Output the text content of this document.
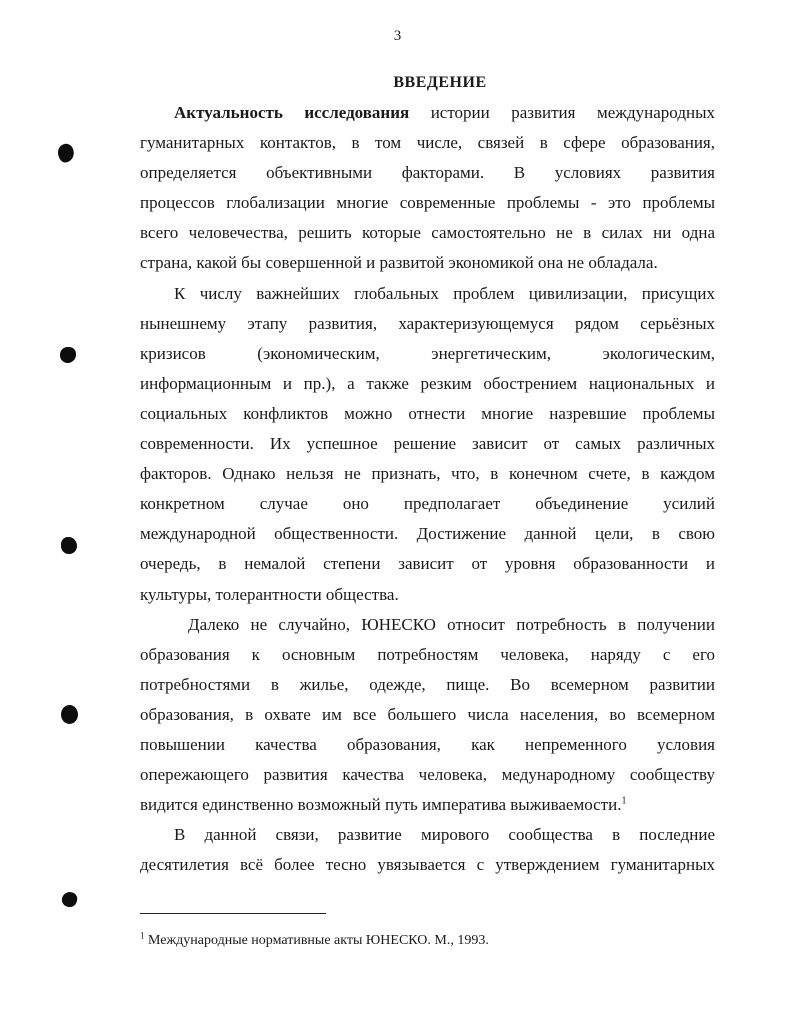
3
ВВЕДЕНИЕ
Актуальность исследования истории развития международных
гуманитарных контактов, в том числе, связей в сфере образования,
определяется объективными факторами. В условиях развития
процессов глобализации многие современные проблемы - это проблемы
всего человечества, решить которые самостоятельно не в силах ни одна
страна, какой бы совершенной и развитой экономикой она не обладала.
К числу важнейших глобальных проблем цивилизации, присущих
нынешнему этапу развития, характеризующемуся рядом серьёзных
кризисов (экономическим, энергетическим, экологическим,
информационным и пр.), а также резким обострением национальных и
социальных конфликтов можно отнести многие назревшие проблемы
современности. Их успешное решение зависит от самых различных
факторов. Однако нельзя не признать, что, в конечном счете, в каждом
конкретном случае оно предполагает объединение усилий
международной общественности. Достижение данной цели, в свою
очередь, в немалой степени зависит от уровня образованности и
культуры, толерантности общества.
Далеко не случайно, ЮНЕСКО относит потребность в получении
образования к основным потребностям человека, наряду с его
потребностями в жилье, одежде, пище. Во всемерном развитии
образования, в охвате им все большего числа населения, во всемерном
повышении качества образования, как непременного условия
опережающего развития качества человека, медународному сообществу
видится единственно возможный путь императива выживаемости.$^1$
В данной связи, развитие мирового сообщества в последние
десятилетия всё более тесно увязывается с утверждением гуманитарных
$^1$ Международные нормативные акты ЮНЕСКО. М., 1993.
